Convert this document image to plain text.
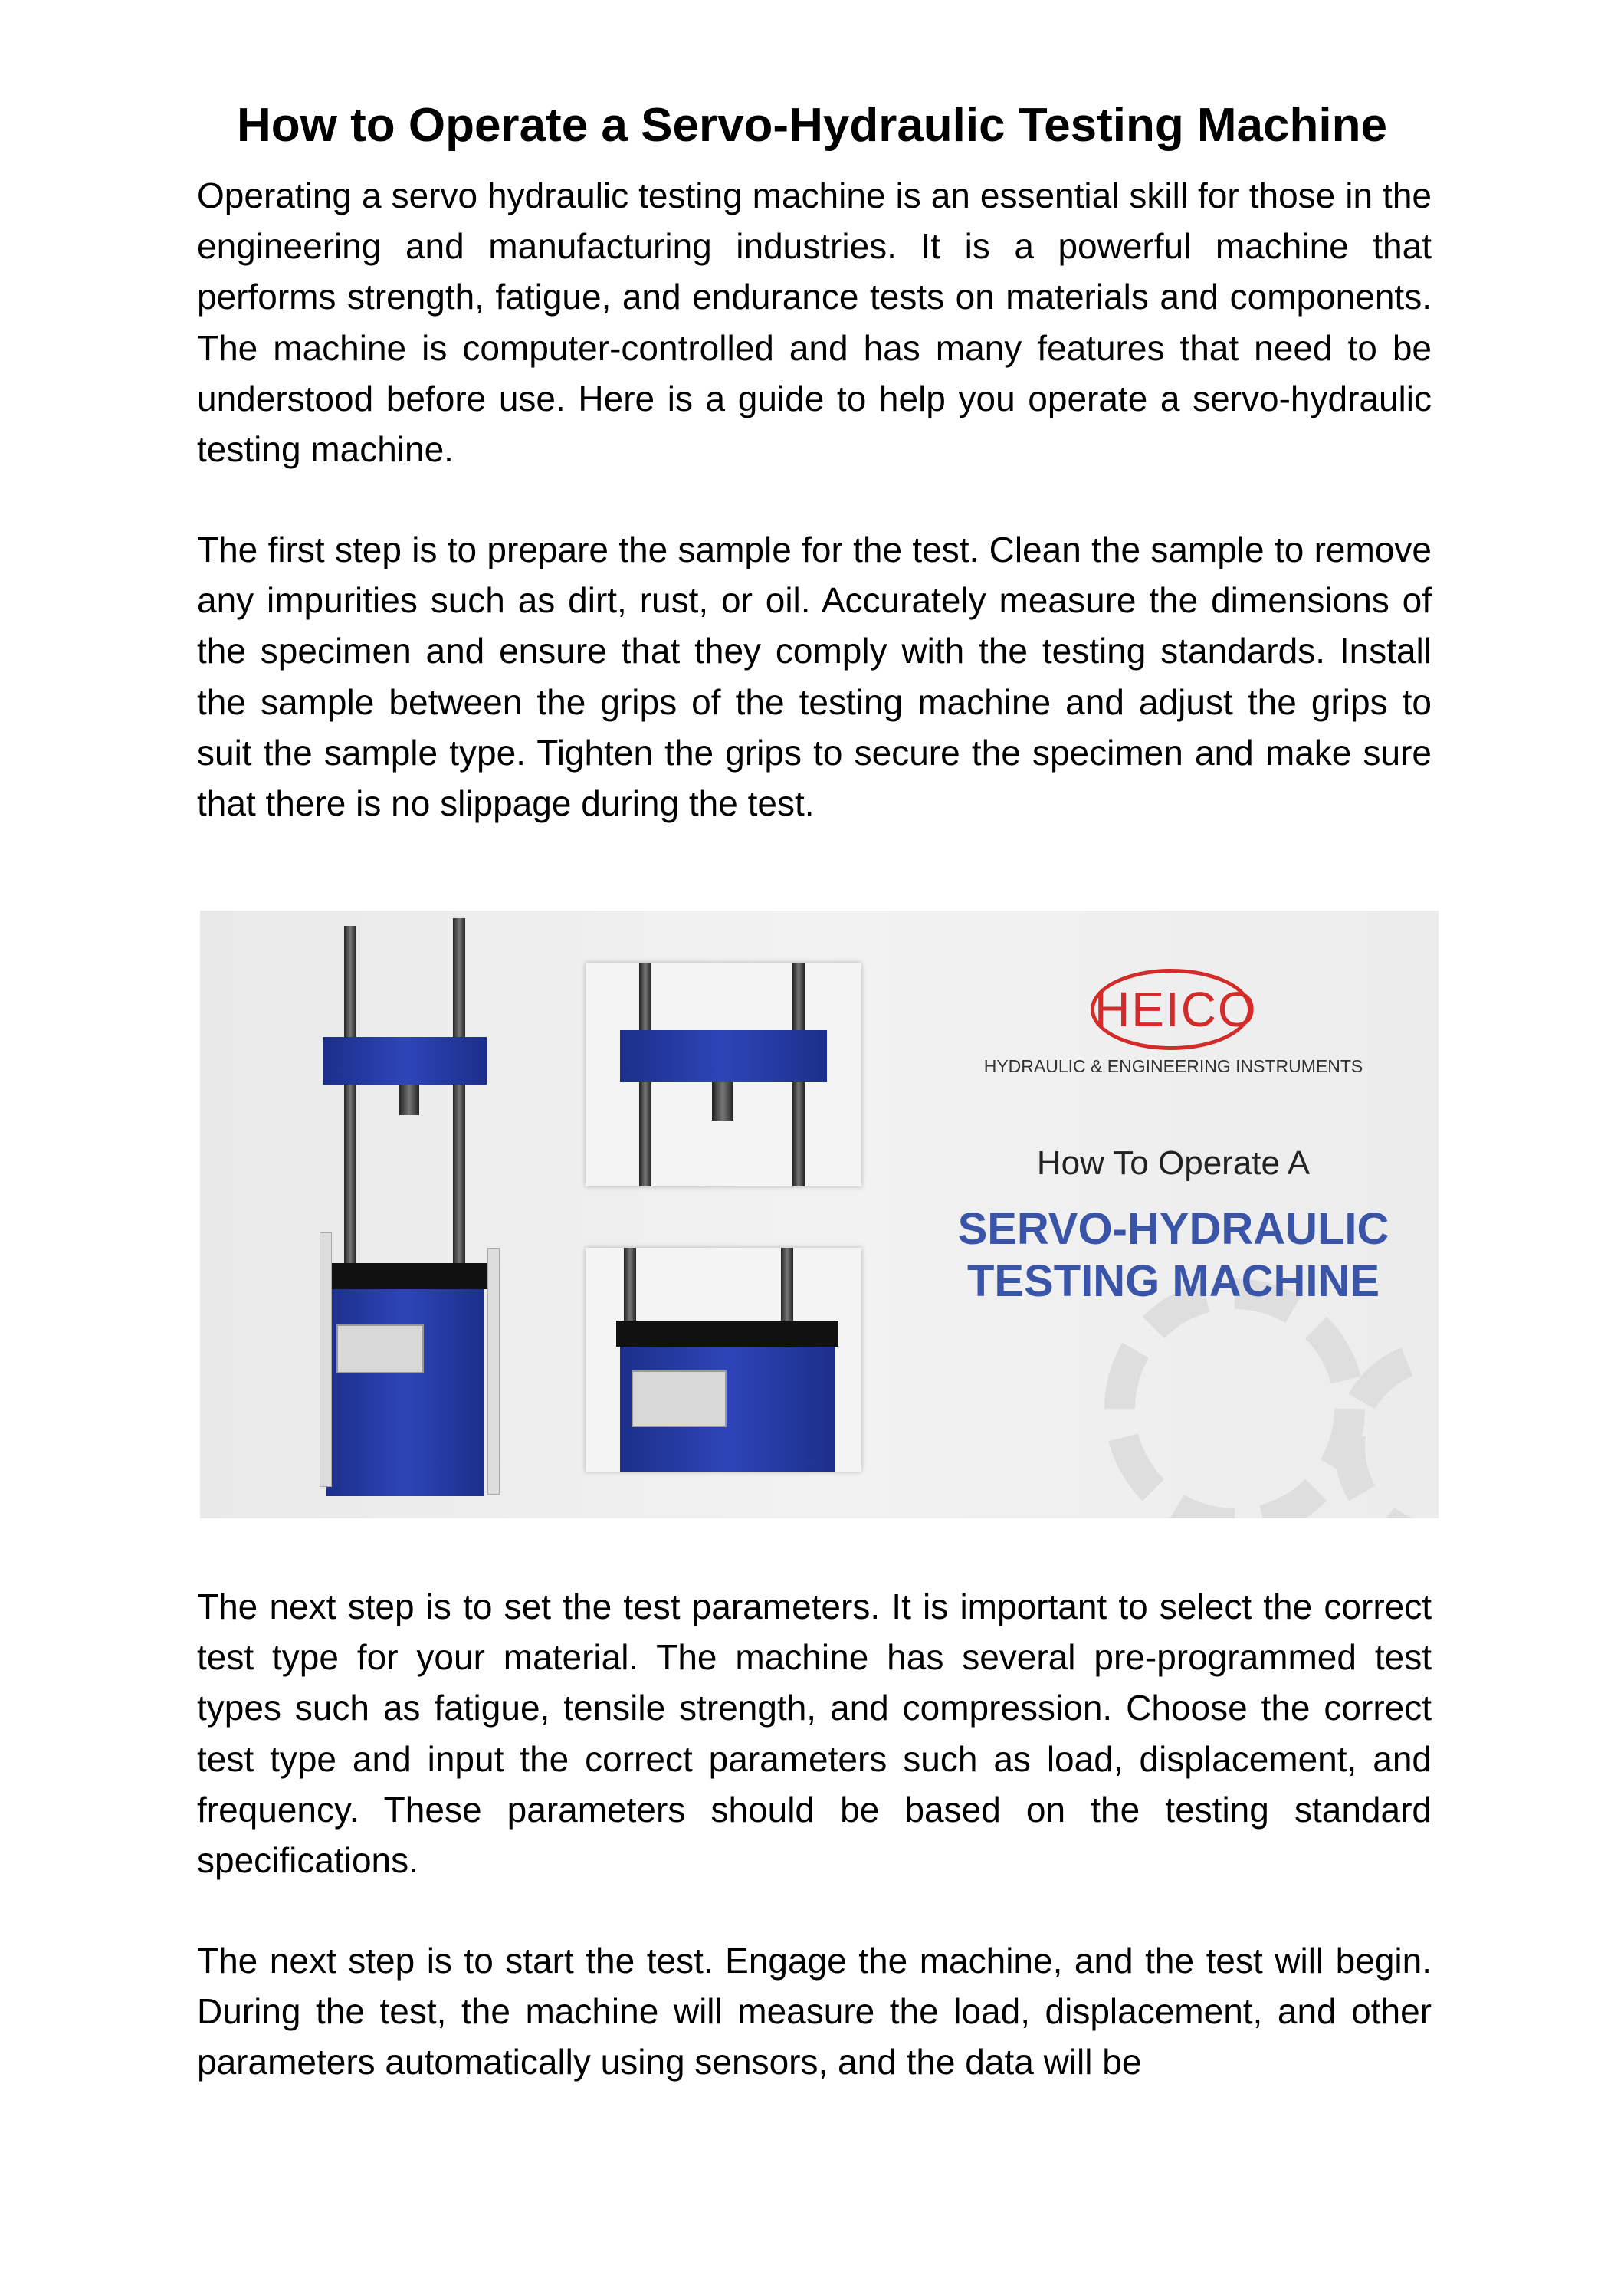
How to Operate a Servo-Hydraulic Testing Machine

Operating a servo hydraulic testing machine is an essential skill for those in the engineering and manufacturing industries. It is a powerful machine that performs strength, fatigue, and endurance tests on materials and components. The machine is computer-controlled and has many features that need to be understood before use. Here is a guide to help you operate a servo-hydraulic testing machine.

The first step is to prepare the sample for the test. Clean the sample to remove any impurities such as dirt, rust, or oil. Accurately measure the dimensions of the specimen and ensure that they comply with the testing standards. Install the sample between the grips of the testing machine and adjust the grips to suit the sample type. Tighten the grips to secure the specimen and make sure that there is no slippage during the test.

HEICO
HYDRAULIC & ENGINEERING INSTRUMENTS
How To Operate A
SERVO-HYDRAULIC
TESTING MACHINE

The next step is to set the test parameters. It is important to select the correct test type for your material. The machine has several pre-programmed test types such as fatigue, tensile strength, and compression. Choose the correct test type and input the correct parameters such as load, displacement, and frequency. These parameters should be based on the testing standard specifications.

The next step is to start the test. Engage the machine, and the test will begin. During the test, the machine will measure the load, displacement, and other parameters automatically using sensors, and the data will be
